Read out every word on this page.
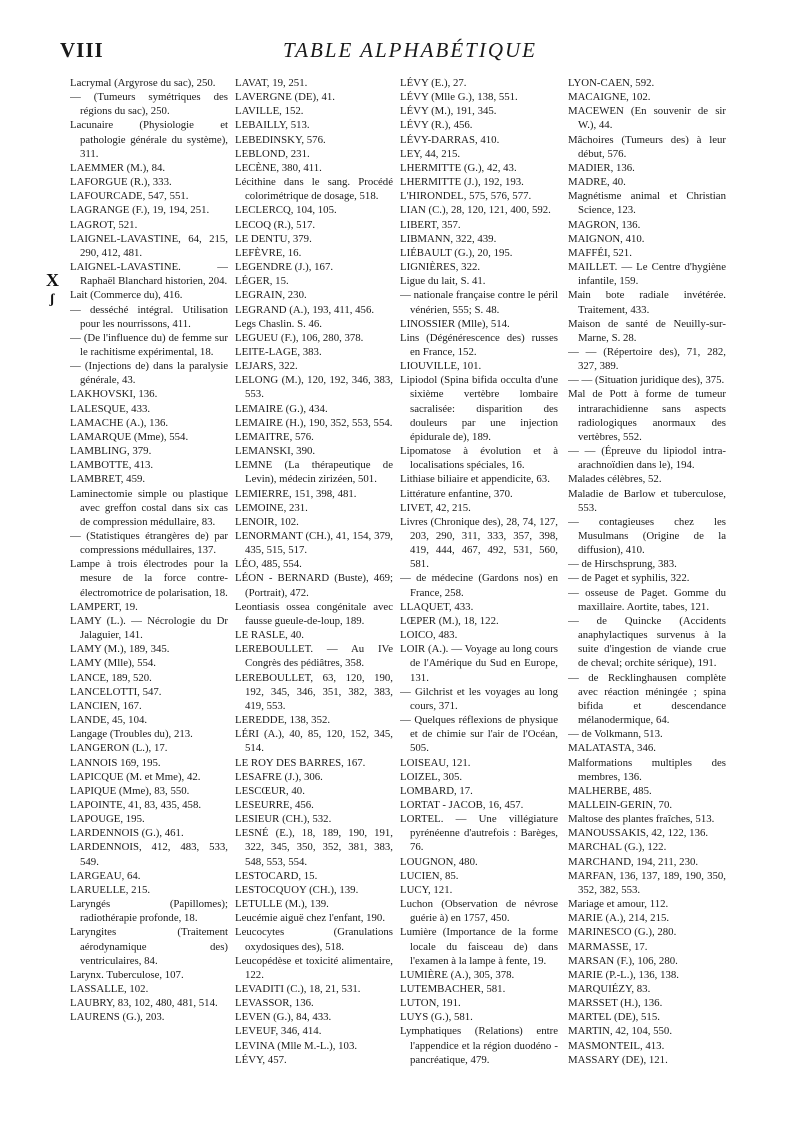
VIII	TABLE ALPHABÉTIQUE
X
ʃ

Lacrymal (Argyrose du sac), 250.

— (Tumeurs symétriques des régions du sac), 250.

Lacunaire (Physiologie et pathologie générale du système), 311.

LAEMMER (M.), 84.

LAFORGUE (R.), 333.

LAFOURCADE, 547, 551.

LAGRANGE (F.), 19, 194, 251.

LAGROT, 521.

LAIGNEL-LAVASTINE, 64, 215, 290, 412, 481.

LAIGNEL-LAVASTINE. — Raphaël Blanchard historien, 204.

Lait (Commerce du), 416.

— desséché intégral. Utilisation pour les nourrissons, 411.

— (De l'influence du) de femme sur le rachitisme expérimental, 18.

— (Injections de) dans la paralysie générale, 43.

LAKHOVSKI, 136.

LALESQUE, 433.

LAMACHE (A.), 136.

LAMARQUE (Mme), 554.

LAMBLING, 379.

LAMBOTTE, 413.

LAMBRET, 459.

Laminectomie simple ou plastique avec greffon costal dans six cas de compression médullaire, 83.

— (Statistiques étrangères de) par compressions médullaires, 137.

Lampe à trois électrodes pour la mesure de la force contre-électromotrice de polarisation, 18.

LAMPERT, 19.

LAMY (L.). — Nécrologie du Dr Jalaguier, 141.

LAMY (M.), 189, 345.

LAMY (Mlle), 554.

LANCE, 189, 520.

LANCELOTTI, 547.

LANCIEN, 167.

LANDE, 45, 104.

Langage (Troubles du), 213.

LANGERON (L.), 17.

LANNOIS 169, 195.

LAPICQUE (M. et Mme), 42.

LAPIQUE (Mme), 83, 550.

LAPOINTE, 41, 83, 435, 458.

LAPOUGE, 195.

LARDENNOIS (G.), 461.

LARDENNOIS, 412, 483, 533, 549.

LARGEAU, 64.

LARUELLE, 215.

Laryngés (Papillomes); radiothérapie profonde, 18.

Laryngites (Traitement aérodynamique des) ventriculaires, 84.

Larynx. Tuberculose, 107.

LASSALLE, 102.

LAUBRY, 83, 102, 480, 481, 514.

LAURENS (G.), 203.

LAVAT, 19, 251.

LAVERGNE (DE), 41.

LAVILLE, 152.

LEBAILLY, 513.

LEBEDINSKY, 576.

LEBLOND, 231.

LECÈNE, 380, 411.

Lécithine dans le sang. Procédé colorimétrique de dosage, 518.

LECLERCQ, 104, 105.

LECOQ (R.), 517.

LE DENTU, 379.

LEFÈVRE, 16.

LEGENDRE (J.), 167.

LÉGER, 15.

LEGRAIN, 230.

LEGRAND (A.), 193, 411, 456.

Legs Chaslin. S. 46.

LEGUEU (F.), 106, 280, 378.

LEITE-LAGE, 383.

LEJARS, 322.

LELONG (M.), 120, 192, 346, 383, 553.

LEMAIRE (G.), 434.

LEMAIRE (H.), 190, 352, 553, 554.

LEMAITRE, 576.

LEMANSKI, 390.

LEMNE (La thérapeutique de Levin), médecin zirizéen, 501.

LEMIERRE, 151, 398, 481.

LEMOINE, 231.

LENOIR, 102.

LENORMANT (CH.), 41, 154, 379, 435, 515, 517.

LÉO, 485, 554.

LÉON - BERNARD (Buste), 469; (Portrait), 472.

Leontiasis ossea congénitale avec fausse gueule-de-loup, 189.

LE RASLE, 40.

LEREBOULLET. — Au IVe Congrès des pédiâtres, 358.

LEREBOULLET, 63, 120, 190, 192, 345, 346, 351, 382, 383, 419, 553.

LEREDDE, 138, 352.

LÉRI (A.), 40, 85, 120, 152, 345, 514.

LE ROY DES BARRES, 167.

LESAFRE (J.), 306.

LESCŒUR, 40.

LESEURRE, 456.

LESIEUR (CH.), 532.

LESNÉ (E.), 18, 189, 190, 191, 322, 345, 350, 352, 381, 383, 548, 553, 554.

LESTOCARD, 15.

LESTOCQUOY (CH.), 139.

LETULLE (M.), 139.

Leucémie aiguë chez l'enfant, 190.

Leucocytes (Granulations oxydosiques des), 518.

Leucopédèse et toxicité alimentaire, 122.

LEVADITI (C.), 18, 21, 531.

LEVASSOR, 136.

LEVEN (G.), 84, 433.

LEVEUF, 346, 414.

LEVINA (Mlle M.-L.), 103.

LÉVY, 457.

LÉVY (E.), 27.

LÉVY (Mlle G.), 138, 551.

LÉVY (M.), 191, 345.

LÉVY (R.), 456.

LÉVY-DARRAS, 410.

LEY, 44, 215.

LHERMITTE (G.), 42, 43.

LHERMITTE (J.), 192, 193.

L'HIRONDEL, 575, 576, 577.

LIAN (C.), 28, 120, 121, 400, 592.

LIBERT, 357.

LIBMANN, 322, 439.

LIÉBAULT (G.), 20, 195.

LIGNIÈRES, 322.

Ligue du lait, S. 41.

— nationale française contre le péril vénérien, 555; S. 48.

LINOSSIER (Mlle), 514.

Lins (Dégénérescence des) russes en France, 152.

LIOUVILLE, 101.

Lipiodol (Spina bifida occulta d'une sixième vertèbre lombaire sacralisée: disparition des douleurs par une injection épidurale de), 189.

Lipomatose à évolution et à localisations spéciales, 16.

Lithiase biliaire et appendicite, 63.

Littérature enfantine, 370.

LIVET, 42, 215.

Livres (Chronique des), 28, 74, 127, 203, 290, 311, 333, 357, 398, 419, 444, 467, 492, 531, 560, 581.

— de médecine (Gardons nos) en France, 258.

LLAQUET, 433.

LŒPER (M.), 18, 122.

LOICO, 483.

LOIR (A.). — Voyage au long cours de l'Amérique du Sud en Europe, 131.

— Gilchrist et les voyages au long cours, 371.

— Quelques réflexions de physique et de chimie sur l'air de l'Océan, 505.

LOISEAU, 121.

LOIZEL, 305.

LOMBARD, 17.

LORTAT - JACOB, 16, 457.

LORTEL. — Une villégiature pyrénéenne d'autrefois : Barèges, 76.

LOUGNON, 480.

LUCIEN, 85.

LUCY, 121.

Luchon (Observation de névrose guérie à) en 1757, 450.

Lumière (Importance de la forme locale du faisceau de) dans l'examen à la lampe à fente, 19.

LUMIÈRE (A.), 305, 378.

LUTEMBACHER, 581.

LUTON, 191.

LUYS (G.), 581.

Lymphatiques (Relations) entre l'appendice et la région duodéno - pancréatique, 479.

LYON-CAEN, 592.

MACAIGNE, 102.

MACEWEN (En souvenir de sir W.), 44.

Mâchoires (Tumeurs des) à leur début, 576.

MADIER, 136.

MADRE, 40.

Magnétisme animal et Christian Science, 123.

MAGRON, 136.

MAIGNON, 410.

MAFFÉI, 521.

MAILLET. — Le Centre d'hygiène infantile, 159.

Main bote radiale invétérée. Traitement, 433.

Maison de santé de Neuilly-sur-Marne, S. 28.

— — (Répertoire des), 71, 282, 327, 389.

— — (Situation juridique des), 375.

Mal de Pott à forme de tumeur intrarachidienne sans aspects radiologiques anormaux des vertèbres, 552.

— — (Épreuve du lipiodol intra-arachnoïdien dans le), 194.

Malades célèbres, 52.

Maladie de Barlow et tuberculose, 553.

— contagieuses chez les Musulmans (Origine de la diffusion), 410.

— de Hirschsprung, 383.

— de Paget et syphilis, 322.

— osseuse de Paget. Gomme du maxillaire. Aortite, tabes, 121.

— de Quincke (Accidents anaphylactiques survenus à la suite d'ingestion de viande crue de cheval; orchite sérique), 191.

— de Recklinghausen complète avec réaction méningée ; spina bifida et descendance mélanodermique, 64.

— de Volkmann, 513.

MALATASTA, 346.

Malformations multiples des membres, 136.

MALHERBE, 485.

MALLEIN-GERIN, 70.

Maltose des plantes fraîches, 513.

MANOUSSAKIS, 42, 122, 136.

MARCHAL (G.), 122.

MARCHAND, 194, 211, 230.

MARFAN, 136, 137, 189, 190, 350, 352, 382, 553.

Mariage et amour, 112.

MARIE (A.), 214, 215.

MARINESCO (G.), 280.

MARMASSE, 17.

MARSAN (F.), 106, 280.

MARIE (P.-L.), 136, 138.

MARQUIÉZY, 83.

MARSSET (H.), 136.

MARTEL (DE), 515.

MARTIN, 42, 104, 550.

MASMONTEIL, 413.

MASSARY (DE), 121.
